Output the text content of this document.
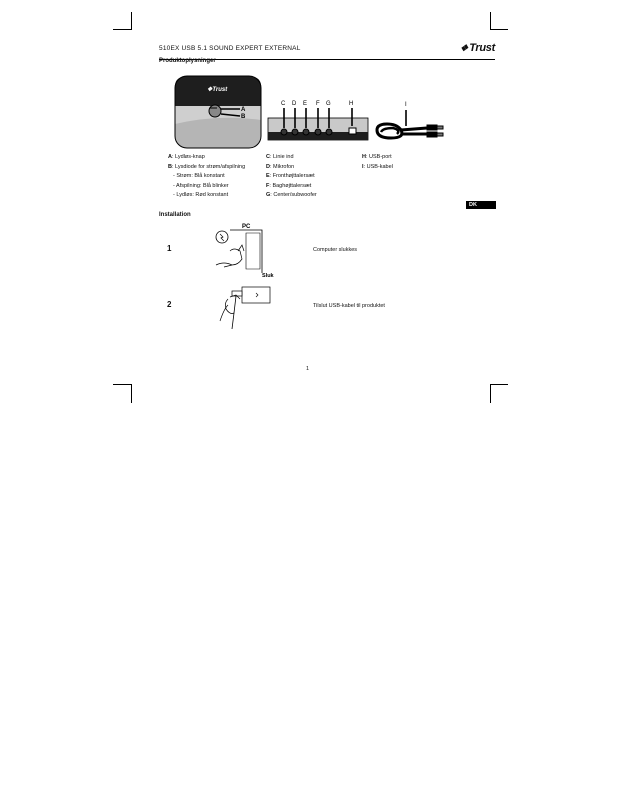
510EX USB 5.1 SOUND EXPERT EXTERNAL	❖Trust
Produktoplysninger
❖Trust
A
B
C D E F G	H	I
A: Lydløs-knap
B: Lysdiode for strøm/afspilning
- Strøm: Blå konstant
- Afspilning: Blå blinker
- Lydløs: Rød konstant
C: Linie ind
D: Mikrofon
E: Fronthøjttalersæt
F: Baghøjttalersæt
G: Center/subwoofer
H: USB-port
I: USB-kabel
DK
Installation
PC
Sluk
1	Computer slukkes
2	Tilslut USB-kabel til produktet
1
